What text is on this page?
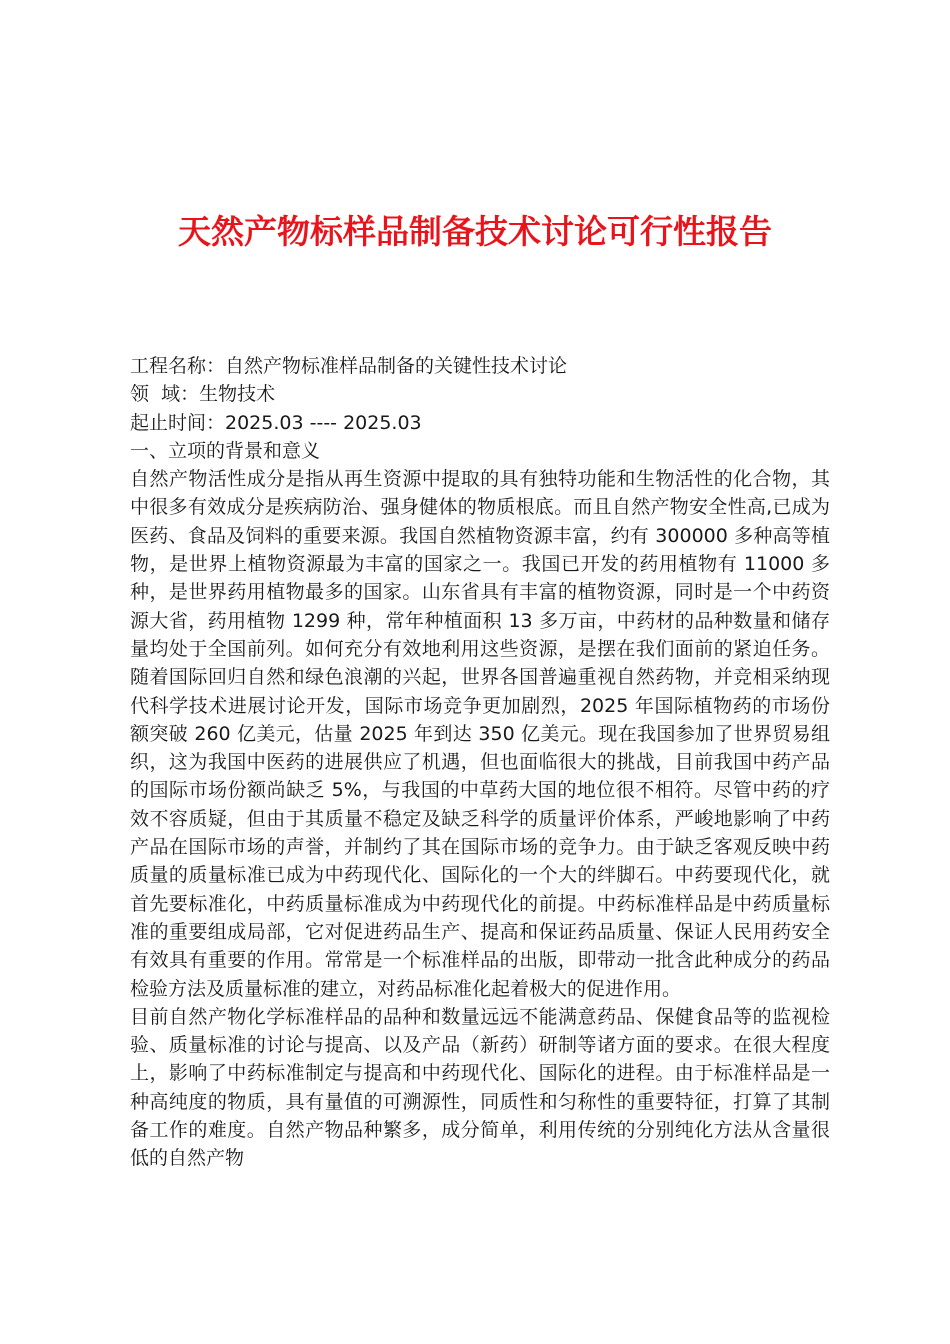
天然产物标样品制备技术讨论可行性报告

工程名称：自然产物标准样品制备的关键性技术讨论

领  域：生物技术

起止时间：2025.03 ---- 2025.03

一、立项的背景和意义

自然产物活性成分是指从再生资源中提取的具有独特功能和生物活性的化合物，其中很多有效成分是疾病防治、强身健体的物质根底。而且自然产物安全性高,已成为医药、食品及饲料的重要来源。我国自然植物资源丰富，约有 300000 多种高等植物，是世界上植物资源最为丰富的国家之一。我国已开发的药用植物有 11000 多种，是世界药用植物最多的国家。山东省具有丰富的植物资源，同时是一个中药资源大省，药用植物 1299 种，常年种植面积 13 多万亩，中药材的品种数量和储存量均处于全国前列。如何充分有效地利用这些资源，是摆在我们面前的紧迫任务。随着国际回归自然和绿色浪潮的兴起，世界各国普遍重视自然药物，并竞相采纳现代科学技术进展讨论开发，国际市场竞争更加剧烈，2025 年国际植物药的市场份额突破 260 亿美元，估量 2025 年到达 350 亿美元。现在我国参加了世界贸易组织，这为我国中医药的进展供应了机遇，但也面临很大的挑战，目前我国中药产品的国际市场份额尚缺乏 5%，与我国的中草药大国的地位很不相符。尽管中药的疗效不容质疑，但由于其质量不稳定及缺乏科学的质量评价体系，严峻地影响了中药产品在国际市场的声誉，并制约了其在国际市场的竞争力。由于缺乏客观反映中药质量的质量标准已成为中药现代化、国际化的一个大的绊脚石。中药要现代化，就首先要标准化，中药质量标准成为中药现代化的前提。中药标准样品是中药质量标准的重要组成局部，它对促进药品生产、提高和保证药品质量、保证人民用药安全有效具有重要的作用。常常是一个标准样品的出版，即带动一批含此种成分的药品检验方法及质量标准的建立，对药品标准化起着极大的促进作用。

目前自然产物化学标准样品的品种和数量远远不能满意药品、保健食品等的监视检验、质量标准的讨论与提高、以及产品（新药）研制等诸方面的要求。在很大程度上，影响了中药标准制定与提高和中药现代化、国际化的进程。由于标准样品是一种高纯度的物质，具有量值的可溯源性，同质性和匀称性的重要特征，打算了其制备工作的难度。自然产物品种繁多，成分简单，利用传统的分别纯化方法从含量很低的自然产物
